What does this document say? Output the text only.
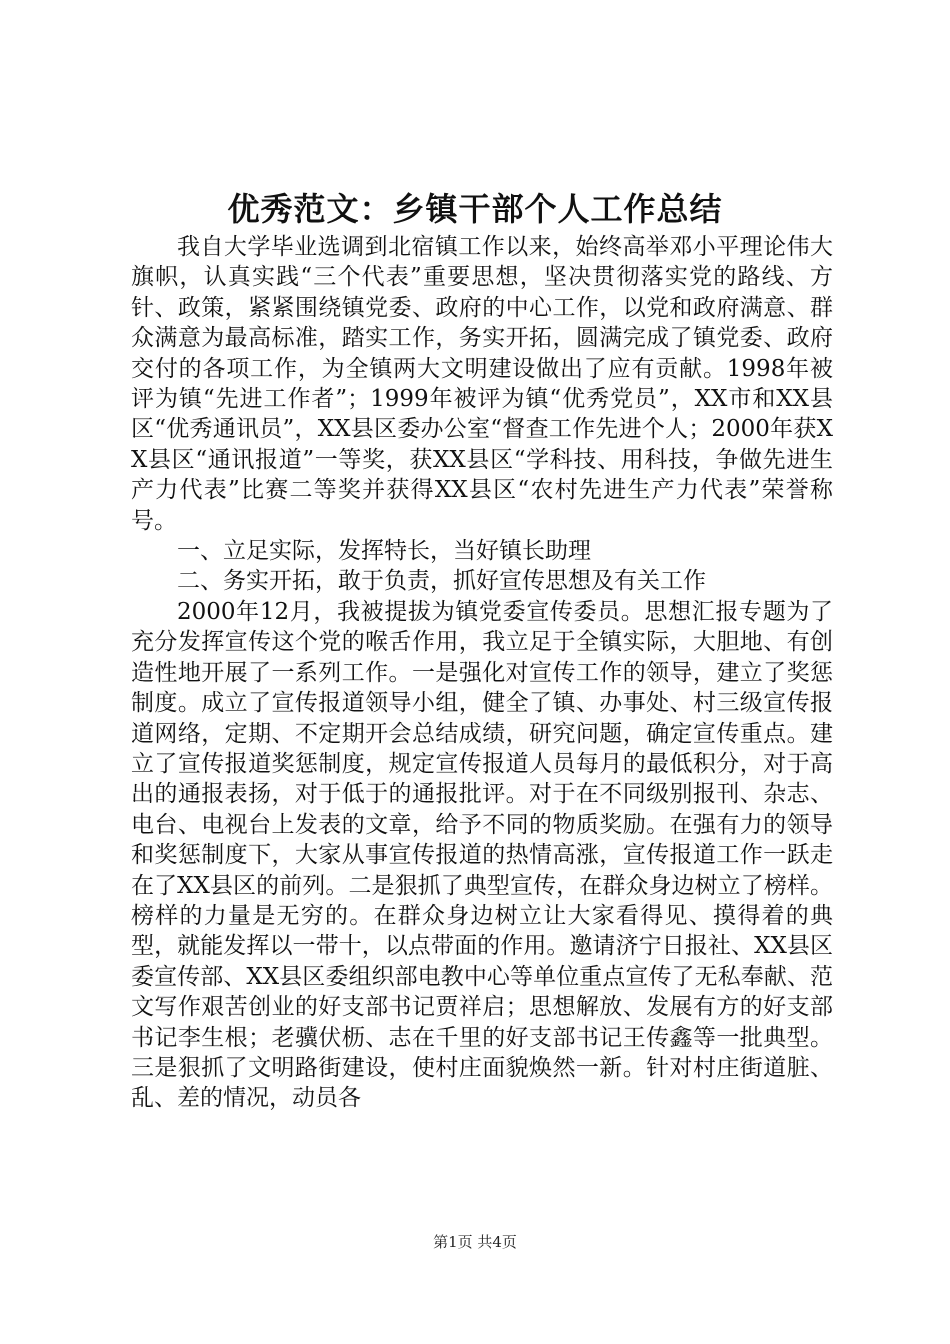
优秀范文：乡镇干部个人工作总结

我自大学毕业选调到北宿镇工作以来，始终高举邓小平理论伟大旗帜，认真实践“三个代表”重要思想，坚决贯彻落实党的路线、方针、政策，紧紧围绕镇党委、政府的中心工作，以党和政府满意、群众满意为最高标准，踏实工作，务实开拓，圆满完成了镇党委、政府交付的各项工作，为全镇两大文明建设做出了应有贡献。1998年被评为镇“先进工作者”；1999年被评为镇“优秀党员”，XX市和XX县区“优秀通讯员”，XX县区委办公室“督查工作先进个人；2000年获XX县区“通讯报道”一等奖，获XX县区“学科技、用科技，争做先进生产力代表”比赛二等奖并获得XX县区“农村先进生产力代表”荣誉称号。

一、立足实际，发挥特长，当好镇长助理

二、务实开拓，敢于负责，抓好宣传思想及有关工作

2000年12月，我被提拔为镇党委宣传委员。思想汇报专题为了充分发挥宣传这个党的喉舌作用，我立足于全镇实际，大胆地、有创造性地开展了一系列工作。一是强化对宣传工作的领导，建立了奖惩制度。成立了宣传报道领导小组，健全了镇、办事处、村三级宣传报道网络，定期、不定期开会总结成绩，研究问题，确定宣传重点。建立了宣传报道奖惩制度，规定宣传报道人员每月的最低积分，对于高出的通报表扬，对于低于的通报批评。对于在不同级别报刊、杂志、电台、电视台上发表的文章，给予不同的物质奖励。在强有力的领导和奖惩制度下，大家从事宣传报道的热情高涨，宣传报道工作一跃走在了XX县区的前列。二是狠抓了典型宣传，在群众身边树立了榜样。榜样的力量是无穷的。在群众身边树立让大家看得见、摸得着的典型，就能发挥以一带十，以点带面的作用。邀请济宁日报社、XX县区委宣传部、XX县区委组织部电教中心等单位重点宣传了无私奉献、范文写作艰苦创业的好支部书记贾祥启；思想解放、发展有方的好支部书记李生根；老骥伏枥、志在千里的好支部书记王传鑫等一批典型。三是狠抓了文明路街建设，使村庄面貌焕然一新。针对村庄街道脏、乱、差的情况，动员各

第1页 共4页
